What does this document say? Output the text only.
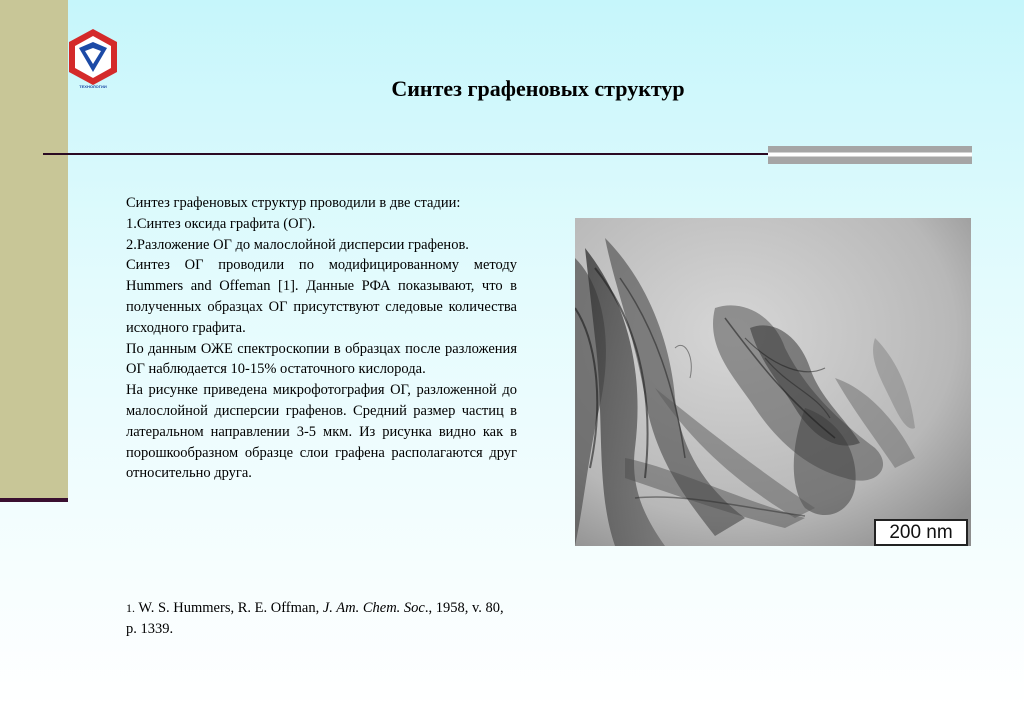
ТЕХНОЛОГИИ	Синтез графеновых структур

Синтез графеновых структур проводили в две стадии:

1.Синтез оксида графита (ОГ).

2.Разложение ОГ до малослойной дисперсии графенов.

Синтез ОГ проводили по модифицированному методу Hummers and Offeman [1]. Данные РФА показывают, что в полученных образцах ОГ присутствуют следовые количества исходного графита.

По данным ОЖЕ спектроскопии в образцах после разложения ОГ наблюдается 10-15% остаточного кислорода.

На рисунке приведена микрофотография ОГ, разложенной до малослойной дисперсии графенов. Средний размер частиц в латеральном направлении 3-5 мкм. Из рисунка видно как в порошкообразном образце слои графена располагаются друг относительно друга.

1. W. S. Hummers, R. E. Offman, J. Am. Chem. Soc., 1958, v. 80, p. 1339.

200 nm
